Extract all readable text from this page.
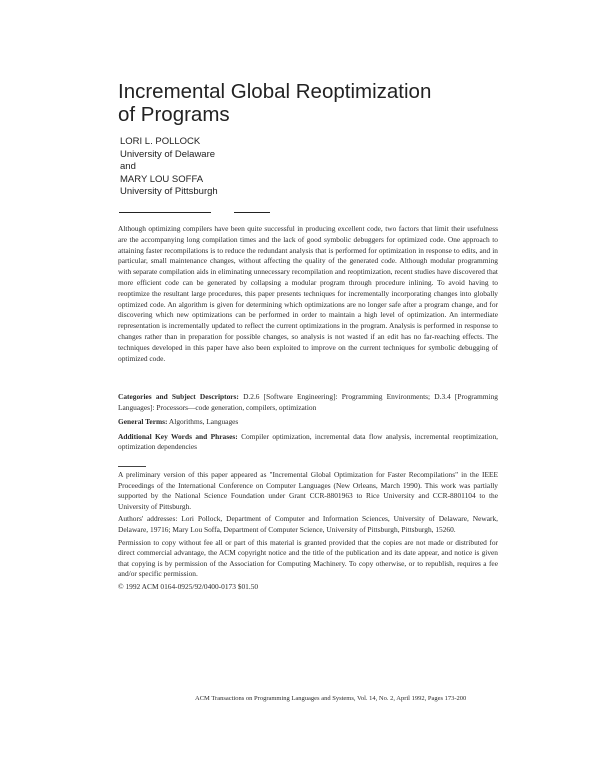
Incremental Global Reoptimization
of Programs
LORI L. POLLOCK
University of Delaware
and
MARY LOU SOFFA
University of Pittsburgh
Although optimizing compilers have been quite successful in producing excellent code, two factors that limit their usefulness are the accompanying long compilation times and the lack of good symbolic debuggers for optimized code. One approach to attaining faster recompilations is to reduce the redundant analysis that is performed for optimization in response to edits, and in particular, small maintenance changes, without affecting the quality of the generated code. Although modular programming with separate compilation aids in eliminating unnecessary recompilation and reoptimization, recent studies have discovered that more efficient code can be generated by collapsing a modular program through procedure inlining. To avoid having to reoptimize the resultant large procedures, this paper presents techniques for incrementally incorporating changes into globally optimized code. An algorithm is given for determining which optimizations are no longer safe after a program change, and for discovering which new optimizations can be performed in order to maintain a high level of optimization. An intermediate representation is incrementally updated to reflect the current optimizations in the program. Analysis is performed in response to changes rather than in preparation for possible changes, so analysis is not wasted if an edit has no far-reaching effects. The techniques developed in this paper have also been exploited to improve on the current techniques for symbolic debugging of optimized code.

Categories and Subject Descriptors: D.2.6 [Software Engineering]: Programming Environments; D.3.4 [Programming Languages]: Processors—code generation, compilers, optimization

General Terms: Algorithms, Languages

Additional Key Words and Phrases: Compiler optimization, incremental data flow analysis, incremental reoptimization, optimization dependencies

A preliminary version of this paper appeared as "Incremental Global Optimization for Faster Recompilations" in the IEEE Proceedings of the International Conference on Computer Languages (New Orleans, March 1990). This work was partially supported by the National Science Foundation under Grant CCR-8801963 to Rice University and CCR-8801104 to the University of Pittsburgh.

Authors' addresses: Lori Pollock, Department of Computer and Information Sciences, University of Delaware, Newark, Delaware, 19716; Mary Lou Soffa, Department of Computer Science, University of Pittsburgh, Pittsburgh, 15260.

Permission to copy without fee all or part of this material is granted provided that the copies are not made or distributed for direct commercial advantage, the ACM copyright notice and the title of the publication and its date appear, and notice is given that copying is by permission of the Association for Computing Machinery. To copy otherwise, or to republish, requires a fee and/or specific permission.

© 1992 ACM 0164-0925/92/0400-0173 $01.50

ACM Transactions on Programming Languages and Systems, Vol. 14, No. 2, April 1992, Pages 173-200
